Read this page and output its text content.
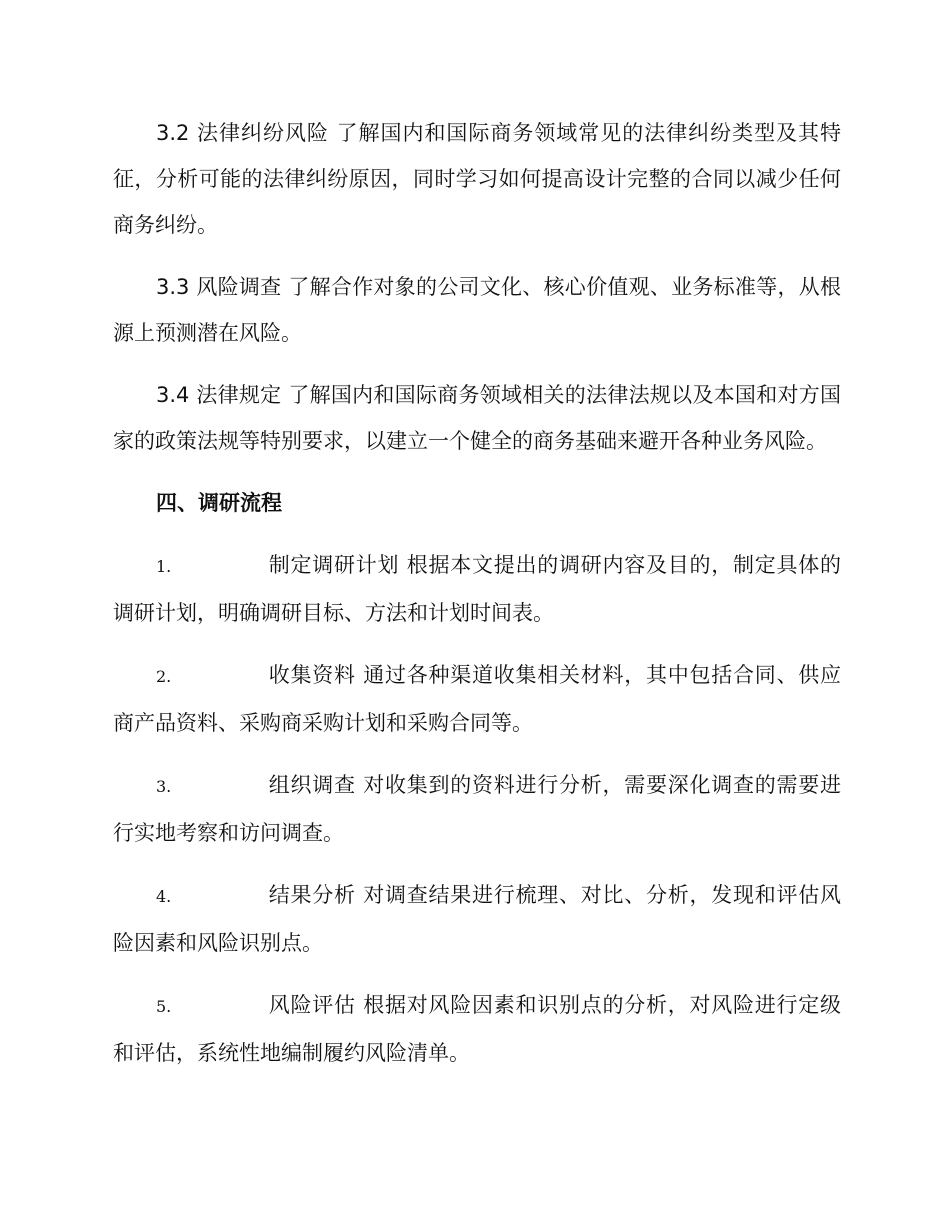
3.2 法律纠纷风险 了解国内和国际商务领域常见的法律纠纷类型及其特征，分析可能的法律纠纷原因，同时学习如何提高设计完整的合同以减少任何商务纠纷。

3.3 风险调查 了解合作对象的公司文化、核心价值观、业务标准等，从根源上预测潜在风险。

3.4 法律规定 了解国内和国际商务领域相关的法律法规以及本国和对方国家的政策法规等特别要求，以建立一个健全的商务基础来避开各种业务风险。

四、调研流程

1.	制定调研计划 根据本文提出的调研内容及目的，制定具体的调研计划，明确调研目标、方法和计划时间表。

2.	收集资料 通过各种渠道收集相关材料，其中包括合同、供应商产品资料、采购商采购计划和采购合同等。

3.	组织调查 对收集到的资料进行分析，需要深化调查的需要进行实地考察和访问调查。

4.	结果分析 对调查结果进行梳理、对比、分析，发现和评估风险因素和风险识别点。

5.	风险评估 根据对风险因素和识别点的分析，对风险进行定级和评估，系统性地编制履约风险清单。
